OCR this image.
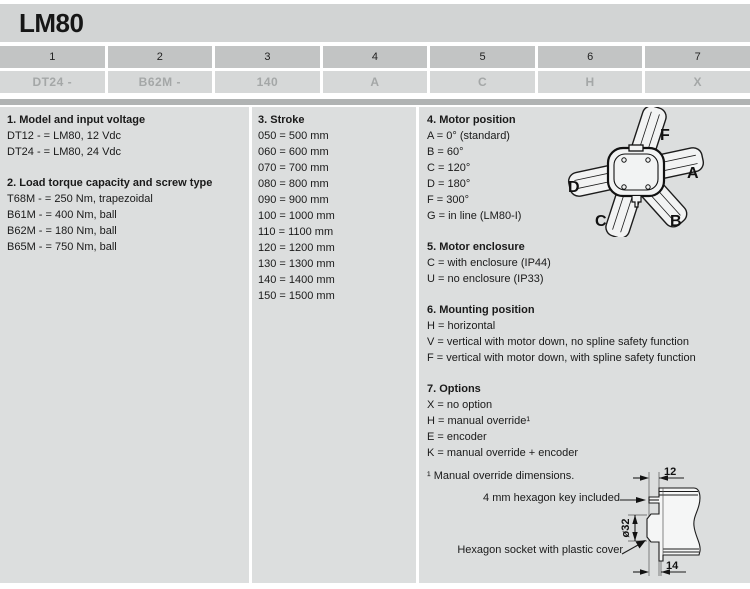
LM80
1	2	3	4	5	6	7
DT24 -	B62M -	140	A	C	H	X
1. Model and input voltage
DT12 - = LM80, 12 Vdc
DT24 - = LM80, 24 Vdc
2. Load torque capacity and screw type
T68M - = 250 Nm, trapezoidal
B61M - = 400 Nm, ball
B62M - = 180 Nm, ball
B65M - = 750 Nm, ball
3. Stroke
050 = 500 mm
060 = 600 mm
070 = 700 mm
080 = 800 mm
090 = 900 mm
100 = 1000 mm
110 = 1100 mm
120 = 1200 mm
130 = 1300 mm
140 = 1400 mm
150 = 1500 mm
4. Motor position
A = 0° (standard)
B = 60°
C = 120°
D = 180°
F = 300°
G = in line (LM80-I)
F
A
D
C	B
5. Motor enclosure
C = with enclosure (IP44)
U = no enclosure (IP33)
6. Mounting position
H = horizontal
V = vertical with motor down, no spline safety function
F = vertical with motor down, with spline safety function
7. Options
X = no option
H = manual override¹
E = encoder
K = manual override + encoder
¹ Manual override dimensions.
4 mm hexagon key included
Hexagon socket with plastic cover
12
14
ø32
